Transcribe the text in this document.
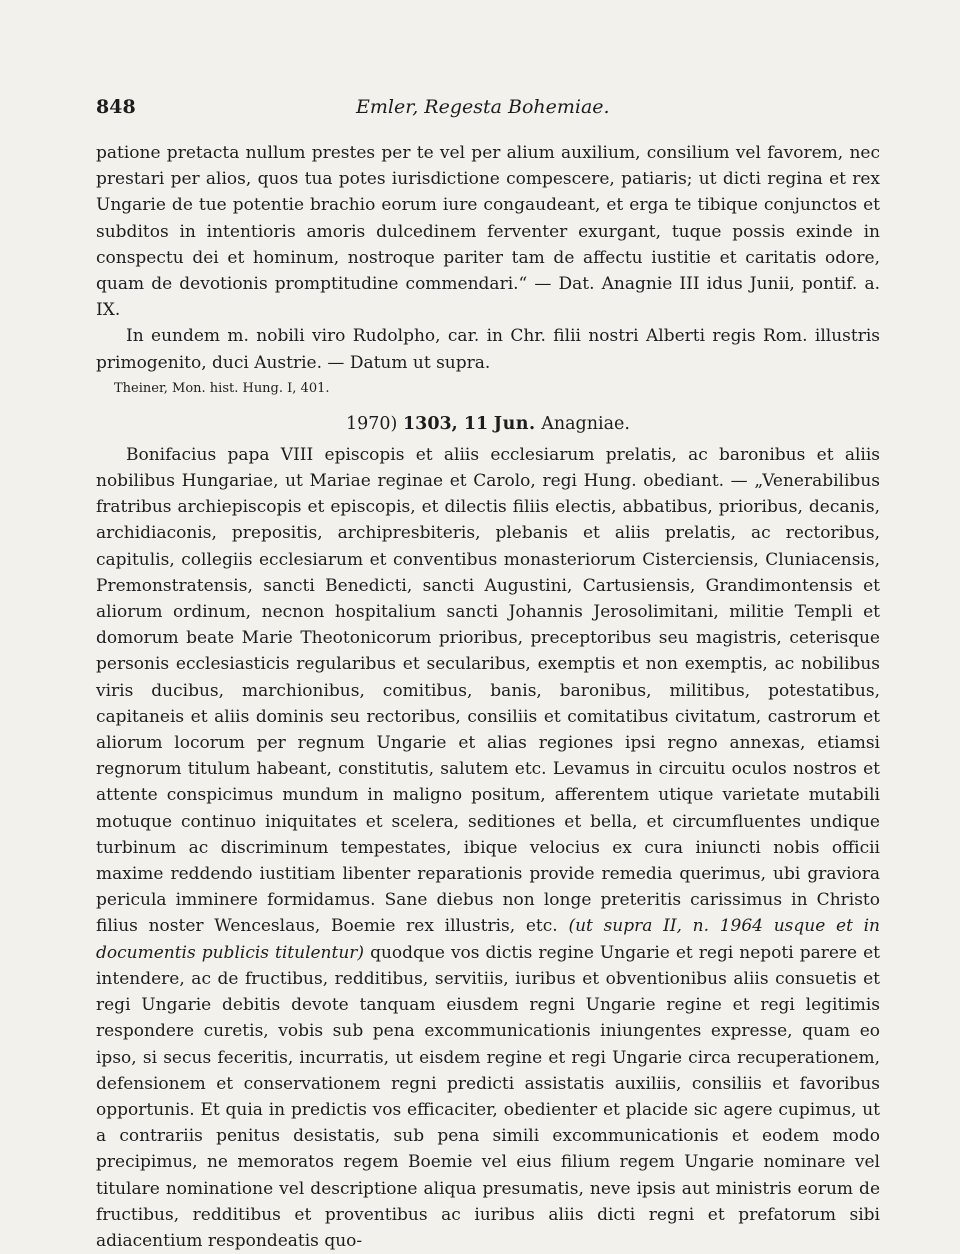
848	Emler, Regesta Bohemiae.

patione pretacta nullum prestes per te vel per alium auxilium, consilium vel favorem, nec prestari per alios, quos tua potes iurisdictione compescere, patiaris; ut dicti regina et rex Ungarie de tue potentie brachio eorum iure congaudeant, et erga te tibique conjunctos et subditos in intentioris amoris dulcedinem ferventer exurgant, tuque possis exinde in conspectu dei et hominum, nostroque pariter tam de affectu iustitie et caritatis odore, quam de devotionis promptitudine commendari.“ — Dat. Anagnie III idus Junii, pontif. a. IX.

In eundem m. nobili viro Rudolpho, car. in Chr. filii nostri Alberti regis Rom. illustris primogenito, duci Austrie. — Datum ut supra.

Theiner, Mon. hist. Hung. I, 401.
1970) 1303, 11 Jun. Anagniae.

Bonifacius papa VIII episcopis et aliis ecclesiarum prelatis, ac baronibus et aliis nobilibus Hungariae, ut Mariae reginae et Carolo, regi Hung. obediant. — „Venerabilibus fratribus archiepiscopis et episcopis, et dilectis filiis electis, abbatibus, prioribus, decanis, archidiaconis, prepositis, archipresbiteris, plebanis et aliis prelatis, ac rectoribus, capitulis, collegiis ecclesiarum et conventibus monasteriorum Cisterciensis, Cluniacensis, Premonstratensis, sancti Benedicti, sancti Augustini, Cartusiensis, Grandimontensis et aliorum ordinum, necnon hospitalium sancti Johannis Jerosolimitani, militie Templi et domorum beate Marie Theotonicorum prioribus, preceptoribus seu magistris, ceterisque personis ecclesiasticis regularibus et secularibus, exemptis et non exemptis, ac nobilibus viris ducibus, marchionibus, comitibus, banis, baronibus, militibus, potestatibus, capitaneis et aliis dominis seu rectoribus, consiliis et comitatibus civitatum, castrorum et aliorum locorum per regnum Ungarie et alias regiones ipsi regno annexas, etiamsi regnorum titulum habeant, constitutis, salutem etc. Levamus in circuitu oculos nostros et attente conspicimus mundum in maligno positum, afferentem utique varietate mutabili motuque continuo iniquitates et scelera, seditiones et bella, et circumfluentes undique turbinum ac discriminum tempestates, ibique velocius ex cura iniuncti nobis officii maxime reddendo iustitiam libenter reparationis provide remedia querimus, ubi graviora pericula imminere formidamus. Sane diebus non longe preteritis carissimus in Christo filius noster Wenceslaus, Boemie rex illustris, etc. (ut supra II, n. 1964 usque et in documentis publicis titulentur) quodque vos dictis regine Ungarie et regi nepoti parere et intendere, ac de fructibus, redditibus, servitiis, iuribus et obventionibus aliis consuetis et regi Ungarie debitis devote tanquam eiusdem regni Ungarie regine et regi legitimis respondere curetis, vobis sub pena excommunicationis iniungentes expresse, quam eo ipso, si secus feceritis, incurratis, ut eisdem regine et regi Ungarie circa recuperationem, defensionem et conservationem regni predicti assistatis auxiliis, consiliis et favoribus opportunis. Et quia in predictis vos efficaciter, obedienter et placide sic agere cupimus, ut a contrariis penitus desistatis, sub pena simili excommunicationis et eodem modo precipimus, ne memoratos regem Boemie vel eius filium regem Ungarie nominare vel titulare nominatione vel descriptione aliqua presumatis, neve ipsis aut ministris eorum de fructibus, redditibus et proventibus ac iuribus aliis dicti regni et prefatorum sibi adiacentium respondeatis quo-
